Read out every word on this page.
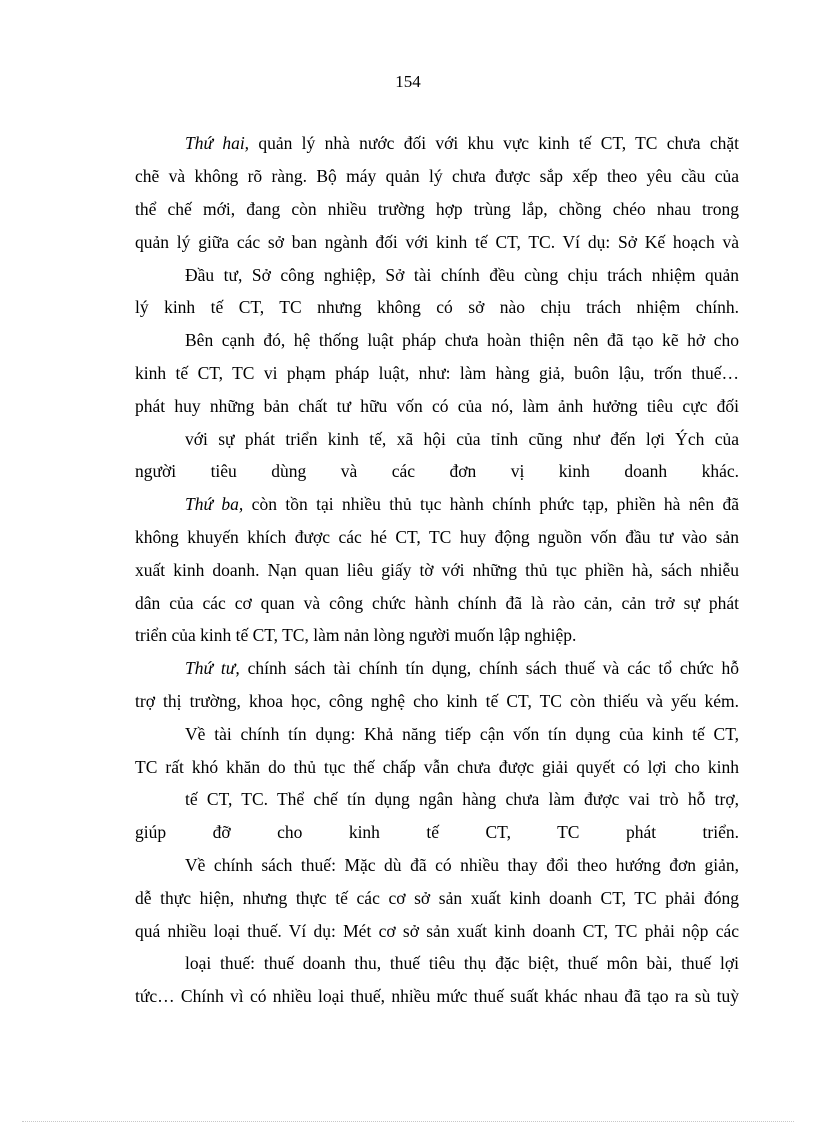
154
Thứ hai, quản lý nhà nước đối với khu vực kinh tế CT, TC chưa chặt
chẽ và không rõ ràng. Bộ máy quản lý chưa được sắp xếp theo yêu cầu của
thể chế mới, đang còn nhiều trường hợp trùng lắp, chồng chéo nhau trong
quản lý giữa các sở ban ngành đối với kinh tế CT, TC. Ví dụ: Sở Kế hoạch và
Đầu tư, Sở công nghiệp, Sở tài chính đều cùng chịu trách nhiệm quản
lý kinh tế CT, TC nhưng không có sở nào chịu trách nhiệm chính.
Bên cạnh đó, hệ thống luật pháp chưa hoàn thiện nên đã tạo kẽ hở cho
kinh tế CT, TC vi phạm pháp luật, như: làm hàng giả, buôn lậu, trốn thuế…
phát huy những bản chất tư hữu vốn có của nó, làm ảnh hưởng tiêu cực đối
với sự phát triển kinh tế, xã hội của tỉnh cũng như đến lợi Ých của
người tiêu dùng và các đơn vị kinh doanh khác.
Thứ ba, còn tồn tại nhiều thủ tục hành chính phức tạp, phiền hà nên đã
không khuyến khích được các hé CT, TC huy động nguồn vốn đầu tư vào sản
xuất kinh doanh. Nạn quan liêu giấy tờ với những thủ tục phiền hà, sách nhiễu
dân của các cơ quan và công chức hành chính đã là rào cản, cản trở sự phát
triển của kinh tế CT, TC, làm nản lòng người muốn lập nghiệp.
Thứ tư, chính sách tài chính tín dụng, chính sách thuế và các tổ chức hỗ
trợ thị trường, khoa học, công nghệ cho kinh tế CT, TC còn thiếu và yếu kém.
Về tài chính tín dụng: Khả năng tiếp cận vốn tín dụng của kinh tế CT,
TC rất khó khăn do thủ tục thế chấp vẫn chưa được giải quyết có lợi cho kinh
tế CT, TC. Thể chế tín dụng ngân hàng chưa làm được vai trò hỗ trợ,
giúp đỡ cho kinh tế CT, TC phát triển.
Về chính sách thuế: Mặc dù đã có nhiều thay đổi theo hướng đơn giản,
dễ thực hiện, nhưng thực tế các cơ sở sản xuất kinh doanh CT, TC phải đóng
quá nhiều loại thuế. Ví dụ: Mét cơ sở sản xuất kinh doanh CT, TC phải nộp các
loại thuế: thuế doanh thu, thuế tiêu thụ đặc biệt, thuế môn bài, thuế lợi
tức… Chính vì có nhiều loại thuế, nhiều mức thuế suất khác nhau đã tạo ra sù tuỳ
